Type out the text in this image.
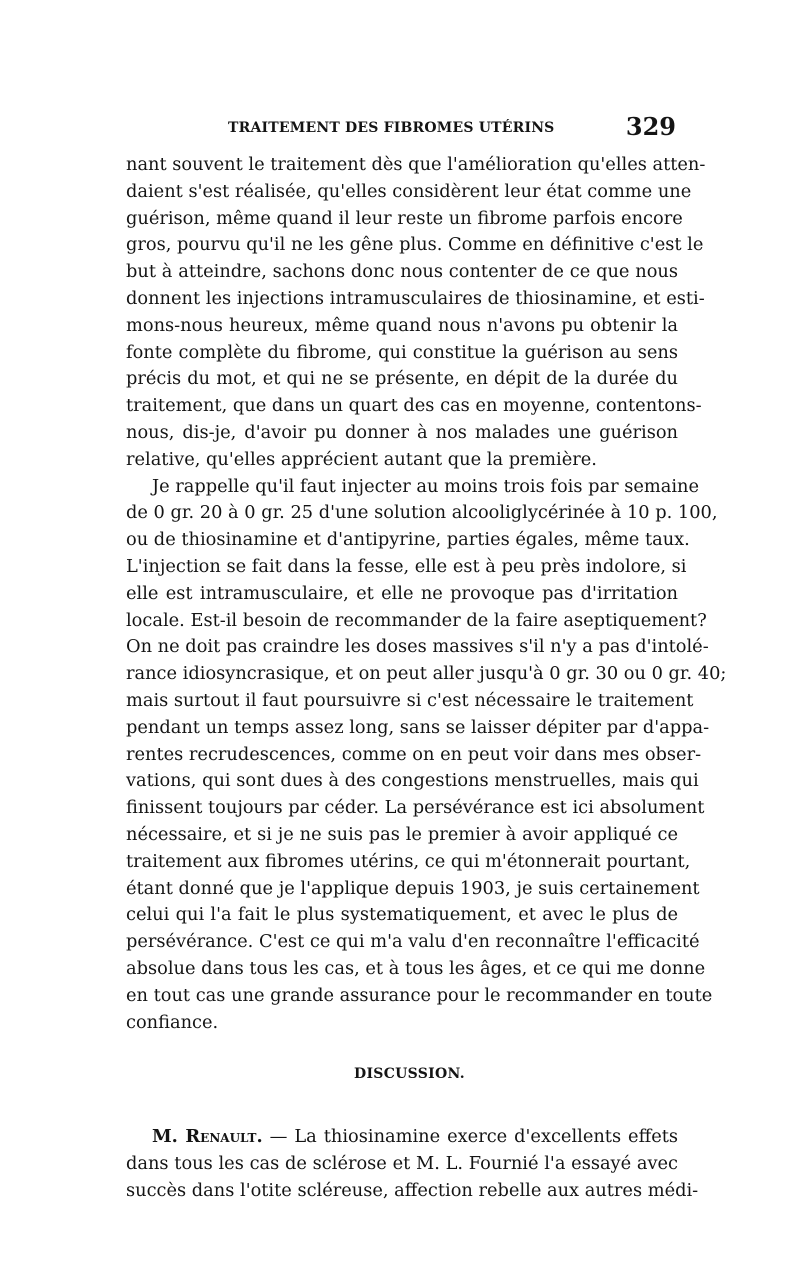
TRAITEMENT DES FIBROMES UTÉRINS	329
nant souvent le traitement dès que l'amélioration qu'elles atten-
daient s'est réalisée, qu'elles considèrent leur état comme une
guérison, même quand il leur reste un fibrome parfois encore
gros, pourvu qu'il ne les gêne plus. Comme en définitive c'est le
but à atteindre, sachons donc nous contenter de ce que nous
donnent les injections intramusculaires de thiosinamine, et esti-
mons-nous heureux, même quand nous n'avons pu obtenir la
fonte complète du fibrome, qui constitue la guérison au sens
précis du mot, et qui ne se présente, en dépit de la durée du
traitement, que dans un quart des cas en moyenne, contentons-
nous, dis-je, d'avoir pu donner à nos malades une guérison
relative, qu'elles apprécient autant que la première.
Je rappelle qu'il faut injecter au moins trois fois par semaine
de 0 gr. 20 à 0 gr. 25 d'une solution alcooliglycérinée à 10 p. 100,
ou de thiosinamine et d'antipyrine, parties égales, même taux.
L'injection se fait dans la fesse, elle est à peu près indolore, si
elle est intramusculaire, et elle ne provoque pas d'irritation
locale. Est-il besoin de recommander de la faire aseptiquement?
On ne doit pas craindre les doses massives s'il n'y a pas d'intolé-
rance idiosyncrasique, et on peut aller jusqu'à 0 gr. 30 ou 0 gr. 40;
mais surtout il faut poursuivre si c'est nécessaire le traitement
pendant un temps assez long, sans se laisser dépiter par d'appa-
rentes recrudescences, comme on en peut voir dans mes obser-
vations, qui sont dues à des congestions menstruelles, mais qui
finissent toujours par céder. La persévérance est ici absolument
nécessaire, et si je ne suis pas le premier à avoir appliqué ce
traitement aux fibromes utérins, ce qui m'étonnerait pourtant,
étant donné que je l'applique depuis 1903, je suis certainement
celui qui l'a fait le plus systematiquement, et avec le plus de
persévérance. C'est ce qui m'a valu d'en reconnaître l'efficacité
absolue dans tous les cas, et à tous les âges, et ce qui me donne
en tout cas une grande assurance pour le recommander en toute
confiance.
DISCUSSION.
M. Renault. — La thiosinamine exerce d'excellents effets
dans tous les cas de sclérose et M. L. Fournié l'a essayé avec
succès dans l'otite scléreuse, affection rebelle aux autres médi-
